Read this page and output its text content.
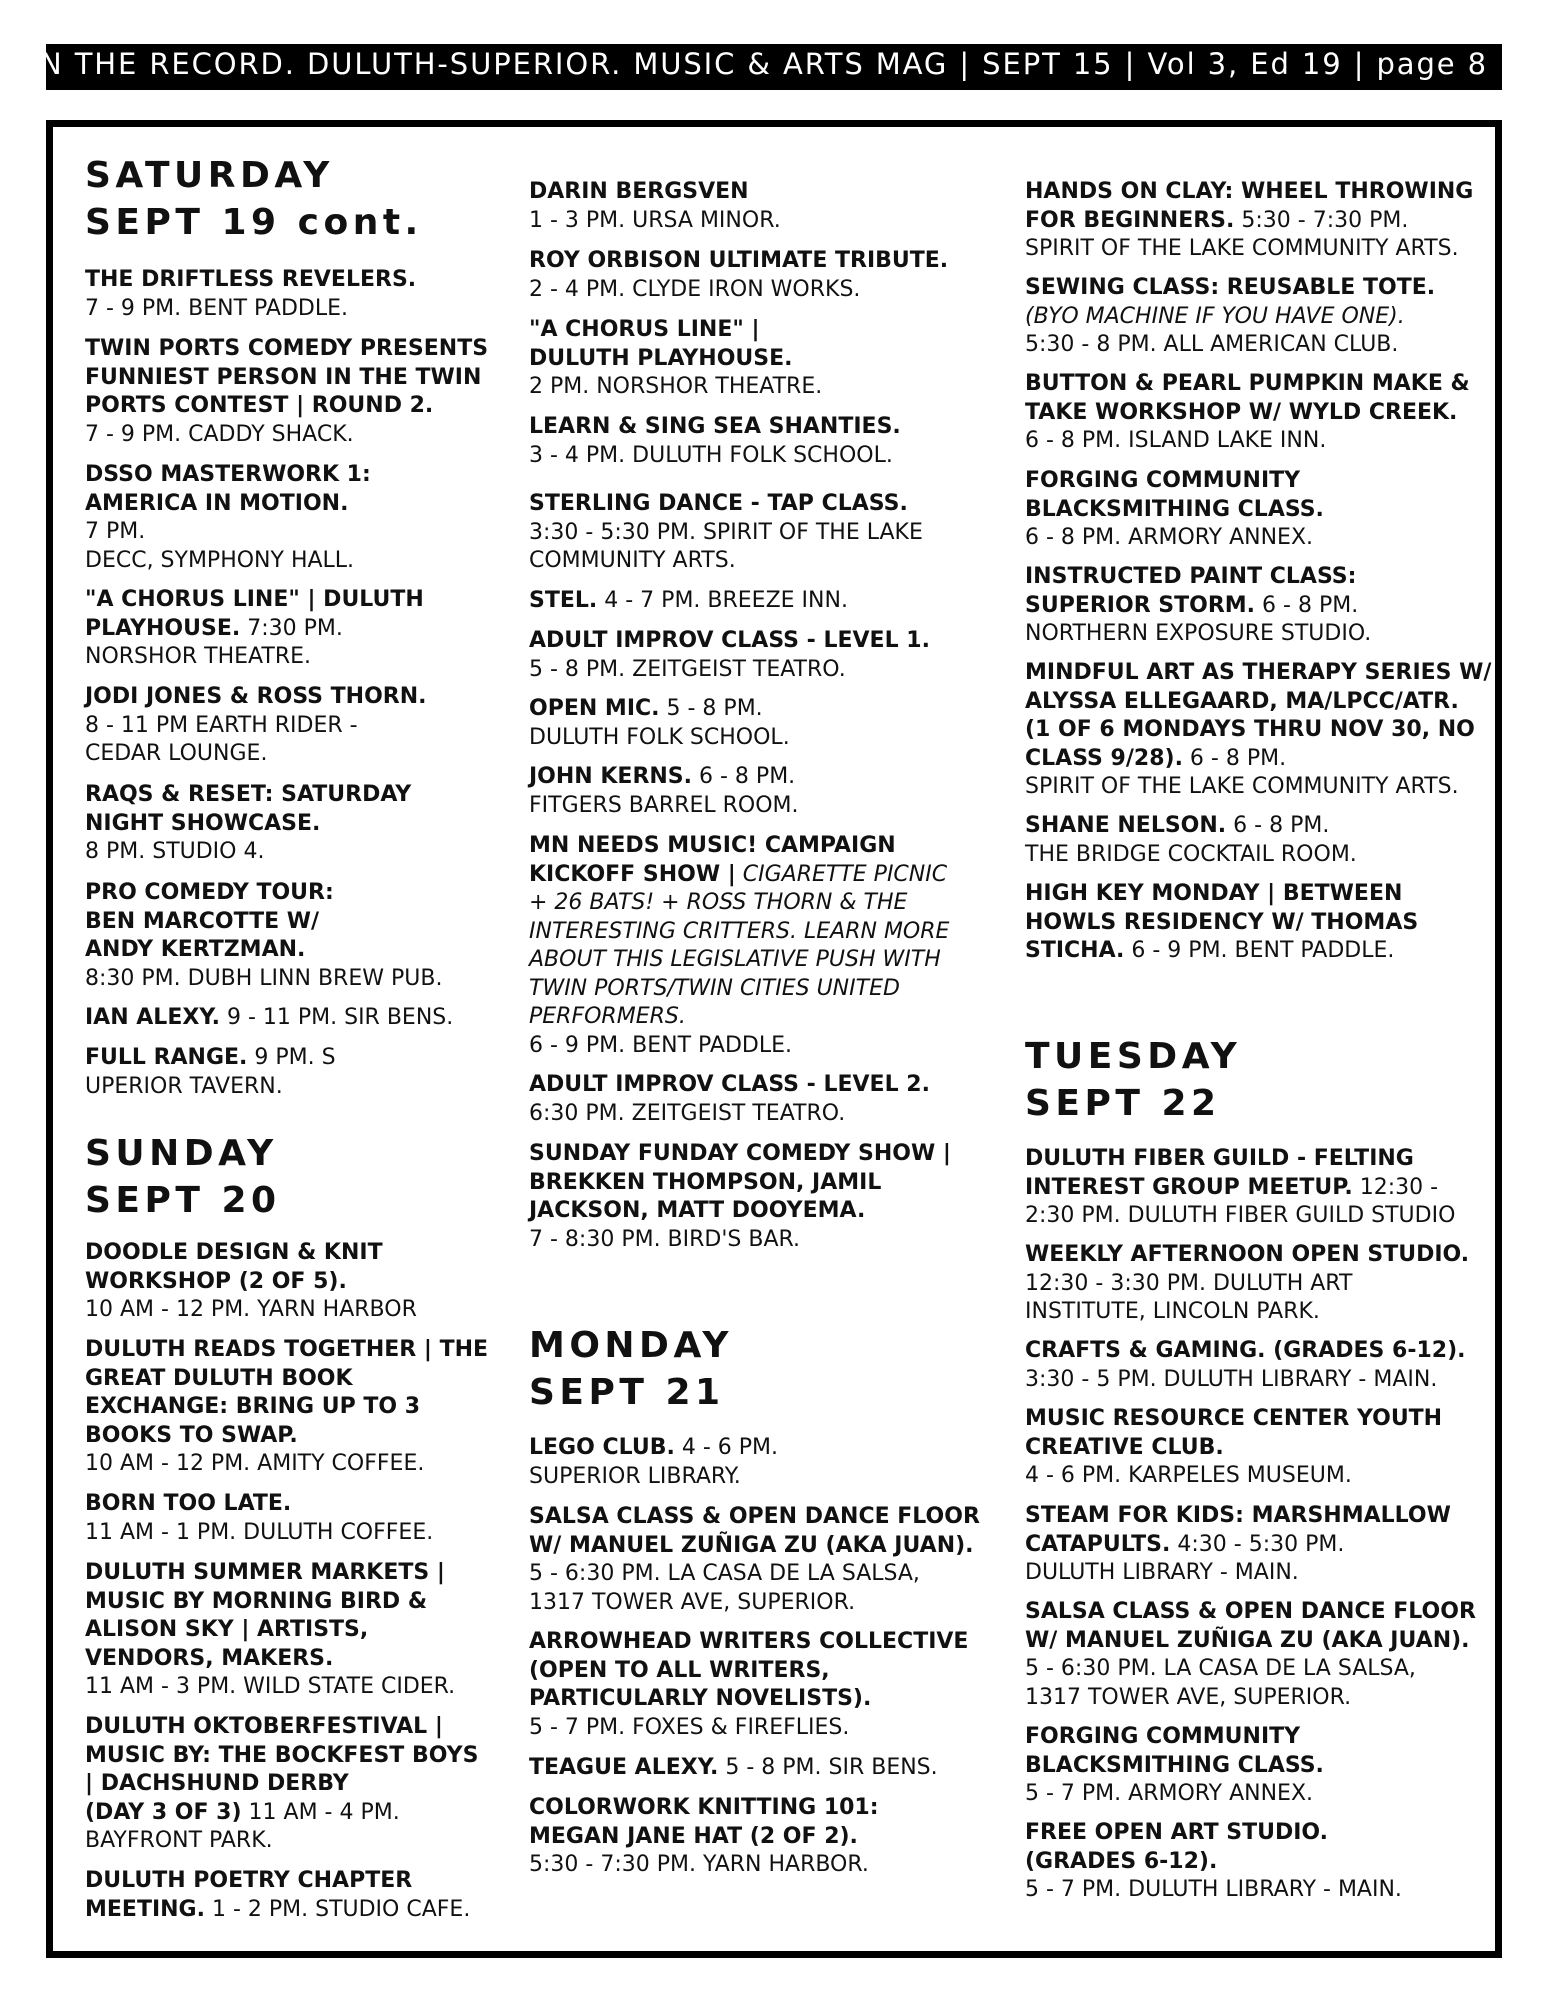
ON THE RECORD. DULUTH-SUPERIOR. MUSIC & ARTS MAG | SEPT 15 | Vol 3, Ed 19 | page 8

SATURDAY

SEPT 19 cont.

THE DRIFTLESS REVELERS.

7 - 9 PM. BENT PADDLE.

TWIN PORTS COMEDY PRESENTS

FUNNIEST PERSON IN THE TWIN

PORTS CONTEST | ROUND 2.

7 - 9 PM. CADDY SHACK.

DSSO MASTERWORK 1:

AMERICA IN MOTION.

7 PM.

DECC, SYMPHONY HALL.

"A CHORUS LINE" | DULUTH

PLAYHOUSE. 7:30 PM.

NORSHOR THEATRE.

JODI JONES & ROSS THORN.

8 - 11 PM EARTH RIDER -

CEDAR LOUNGE.

RAQS & RESET: SATURDAY

NIGHT SHOWCASE.

8 PM. STUDIO 4.

PRO COMEDY TOUR:

BEN MARCOTTE W/

ANDY KERTZMAN.

8:30 PM. DUBH LINN BREW PUB.

IAN ALEXY. 9 - 11 PM. SIR BENS.

FULL RANGE. 9 PM. S

UPERIOR TAVERN.

SUNDAY

SEPT 20

DOODLE DESIGN & KNIT

WORKSHOP (2 OF 5).

10 AM - 12 PM. YARN HARBOR

DULUTH READS TOGETHER | THE

GREAT DULUTH BOOK

EXCHANGE: BRING UP TO 3

BOOKS TO SWAP.

10 AM - 12 PM. AMITY COFFEE.

BORN TOO LATE.

11 AM - 1 PM. DULUTH COFFEE.

DULUTH SUMMER MARKETS |

MUSIC BY MORNING BIRD &

ALISON SKY | ARTISTS,

VENDORS, MAKERS.

11 AM - 3 PM. WILD STATE CIDER.

DULUTH OKTOBERFESTIVAL |

MUSIC BY: THE BOCKFEST BOYS

| DACHSHUND DERBY

(DAY 3 OF 3) 11 AM - 4 PM.

BAYFRONT PARK.

DULUTH POETRY CHAPTER

MEETING. 1 - 2 PM. STUDIO CAFE.

DARIN BERGSVEN

1 - 3 PM. URSA MINOR.

ROY ORBISON ULTIMATE TRIBUTE.

2 - 4 PM. CLYDE IRON WORKS.

"A CHORUS LINE" |

DULUTH PLAYHOUSE.

2 PM. NORSHOR THEATRE.

LEARN & SING SEA SHANTIES.

3 - 4 PM. DULUTH FOLK SCHOOL.

STERLING DANCE - TAP CLASS.

3:30 - 5:30 PM. SPIRIT OF THE LAKE

COMMUNITY ARTS.

STEL. 4 - 7 PM. BREEZE INN.

ADULT IMPROV CLASS - LEVEL 1.

5 - 8 PM. ZEITGEIST TEATRO.

OPEN MIC. 5 - 8 PM.

DULUTH FOLK SCHOOL.

JOHN KERNS. 6 - 8 PM.

FITGERS BARREL ROOM.

MN NEEDS MUSIC! CAMPAIGN

KICKOFF SHOW | CIGARETTE PICNIC

+ 26 BATS! + ROSS THORN & THE

INTERESTING CRITTERS. LEARN MORE

ABOUT THIS LEGISLATIVE PUSH WITH

TWIN PORTS/TWIN CITIES UNITED

PERFORMERS.

6 - 9 PM. BENT PADDLE.

ADULT IMPROV CLASS - LEVEL 2.

6:30 PM. ZEITGEIST TEATRO.

SUNDAY FUNDAY COMEDY SHOW |

BREKKEN THOMPSON, JAMIL

JACKSON, MATT DOOYEMA.

7 - 8:30 PM. BIRD'S BAR.

MONDAY

SEPT 21

LEGO CLUB. 4 - 6 PM.

SUPERIOR LIBRARY.

SALSA CLASS & OPEN DANCE FLOOR

W/ MANUEL ZUÑIGA ZU (AKA JUAN).

5 - 6:30 PM. LA CASA DE LA SALSA,

1317 TOWER AVE, SUPERIOR.

ARROWHEAD WRITERS COLLECTIVE

(OPEN TO ALL WRITERS,

PARTICULARLY NOVELISTS).

5 - 7 PM. FOXES & FIREFLIES.

TEAGUE ALEXY. 5 - 8 PM. SIR BENS.

COLORWORK KNITTING 101:

MEGAN JANE HAT (2 OF 2).

5:30 - 7:30 PM. YARN HARBOR.

HANDS ON CLAY: WHEEL THROWING

FOR BEGINNERS. 5:30 - 7:30 PM.

SPIRIT OF THE LAKE COMMUNITY ARTS.

SEWING CLASS: REUSABLE TOTE.

(BYO MACHINE IF YOU HAVE ONE).

5:30 - 8 PM. ALL AMERICAN CLUB.

BUTTON & PEARL PUMPKIN MAKE &

TAKE WORKSHOP W/ WYLD CREEK.

6 - 8 PM. ISLAND LAKE INN.

FORGING COMMUNITY

BLACKSMITHING CLASS.

6 - 8 PM. ARMORY ANNEX.

INSTRUCTED PAINT CLASS:

SUPERIOR STORM. 6 - 8 PM.

NORTHERN EXPOSURE STUDIO.

MINDFUL ART AS THERAPY SERIES W/

ALYSSA ELLEGAARD, MA/LPCC/ATR.

(1 OF 6 MONDAYS THRU NOV 30, NO

CLASS 9/28). 6 - 8 PM.

SPIRIT OF THE LAKE COMMUNITY ARTS.

SHANE NELSON. 6 - 8 PM.

THE BRIDGE COCKTAIL ROOM.

HIGH KEY MONDAY | BETWEEN

HOWLS RESIDENCY W/ THOMAS

STICHA. 6 - 9 PM. BENT PADDLE.

TUESDAY

SEPT 22

DULUTH FIBER GUILD - FELTING

INTEREST GROUP MEETUP. 12:30 -

2:30 PM. DULUTH FIBER GUILD STUDIO

WEEKLY AFTERNOON OPEN STUDIO.

12:30 - 3:30 PM. DULUTH ART

INSTITUTE, LINCOLN PARK.

CRAFTS & GAMING. (GRADES 6-12).

3:30 - 5 PM. DULUTH LIBRARY - MAIN.

MUSIC RESOURCE CENTER YOUTH

CREATIVE CLUB.

4 - 6 PM. KARPELES MUSEUM.

STEAM FOR KIDS: MARSHMALLOW

CATAPULTS. 4:30 - 5:30 PM.

DULUTH LIBRARY - MAIN.

SALSA CLASS & OPEN DANCE FLOOR

W/ MANUEL ZUÑIGA ZU (AKA JUAN).

5 - 6:30 PM. LA CASA DE LA SALSA,

1317 TOWER AVE, SUPERIOR.

FORGING COMMUNITY

BLACKSMITHING CLASS.

5 - 7 PM. ARMORY ANNEX.

FREE OPEN ART STUDIO.

(GRADES 6-12).

5 - 7 PM. DULUTH LIBRARY - MAIN.
